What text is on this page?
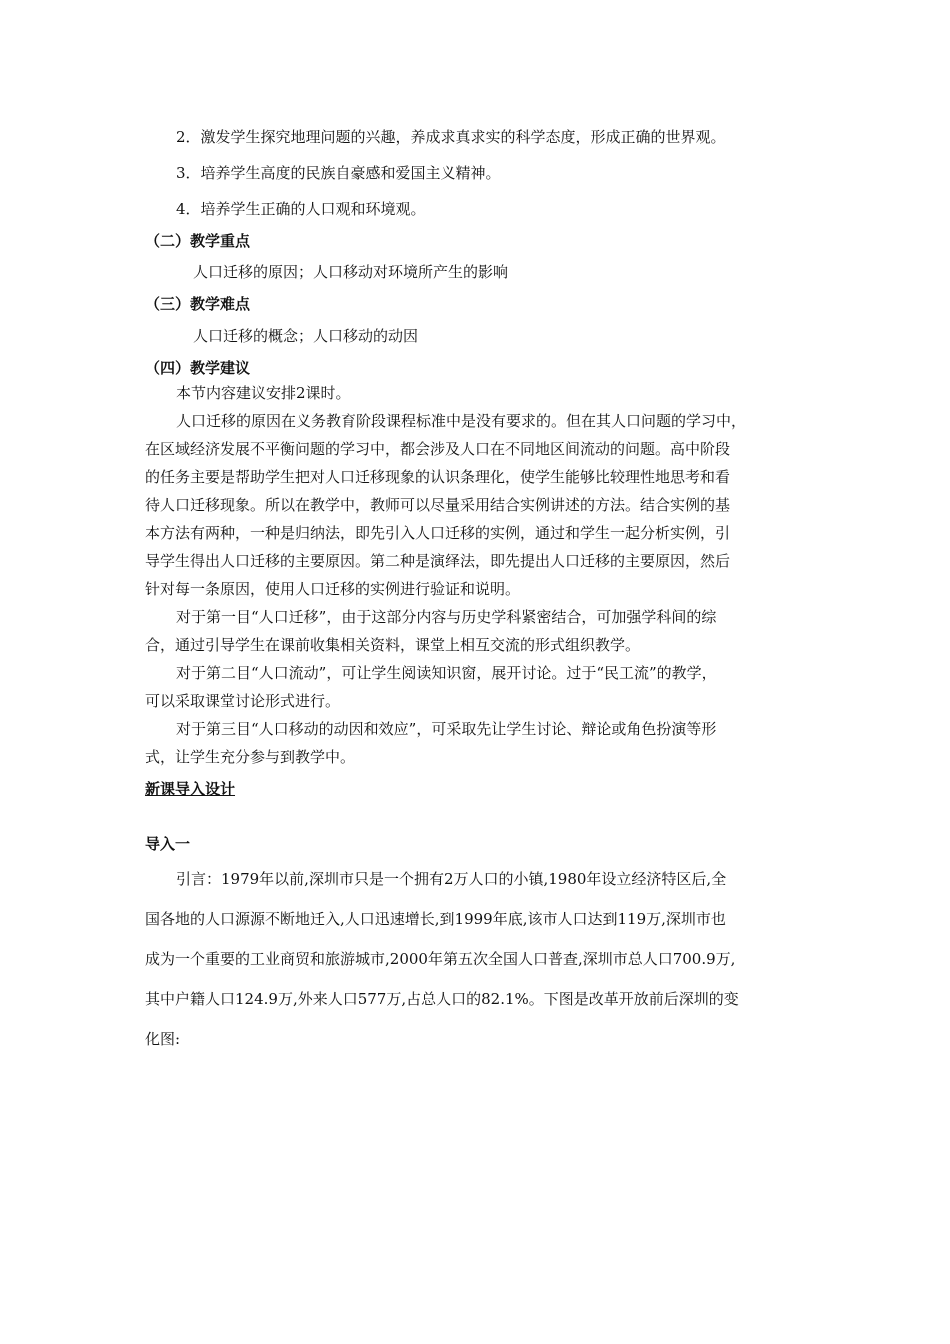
2．激发学生探究地理问题的兴趣，养成求真求实的科学态度，形成正确的世界观。
3．培养学生高度的民族自豪感和爱国主义精神。
4．培养学生正确的人口观和环境观。
（二）教学重点
人口迁移的原因；人口移动对环境所产生的影响
（三）教学难点
人口迁移的概念；人口移动的动因
（四）教学建议
本节内容建议安排2课时。
人口迁移的原因在义务教育阶段课程标准中是没有要求的。但在其人口问题的学习中，
在区域经济发展不平衡问题的学习中，都会涉及人口在不同地区间流动的问题。高中阶段
的任务主要是帮助学生把对人口迁移现象的认识条理化，使学生能够比较理性地思考和看
待人口迁移现象。所以在教学中，教师可以尽量采用结合实例讲述的方法。结合实例的基
本方法有两种，一种是归纳法，即先引入人口迁移的实例，通过和学生一起分析实例，引
导学生得出人口迁移的主要原因。第二种是演绎法，即先提出人口迁移的主要原因，然后
针对每一条原因，使用人口迁移的实例进行验证和说明。
对于第一目“人口迁移”，由于这部分内容与历史学科紧密结合，可加强学科间的综
合，通过引导学生在课前收集相关资料，课堂上相互交流的形式组织教学。
对于第二目“人口流动”，可让学生阅读知识窗，展开讨论。过于“民工流”的教学，
可以采取课堂讨论形式进行。
对于第三目“人口移动的动因和效应”，可采取先让学生讨论、辩论或角色扮演等形
式，让学生充分参与到教学中。
新课导入设计
导入一
引言：1979年以前,深圳市只是一个拥有2万人口的小镇,1980年设立经济特区后,全
国各地的人口源源不断地迁入,人口迅速增长,到1999年底,该市人口达到119万,深圳市也
成为一个重要的工业商贸和旅游城市,2000年第五次全国人口普查,深圳市总人口700.9万,
其中户籍人口124.9万,外来人口577万,占总人口的82.1%。下图是改革开放前后深圳的变
化图:
